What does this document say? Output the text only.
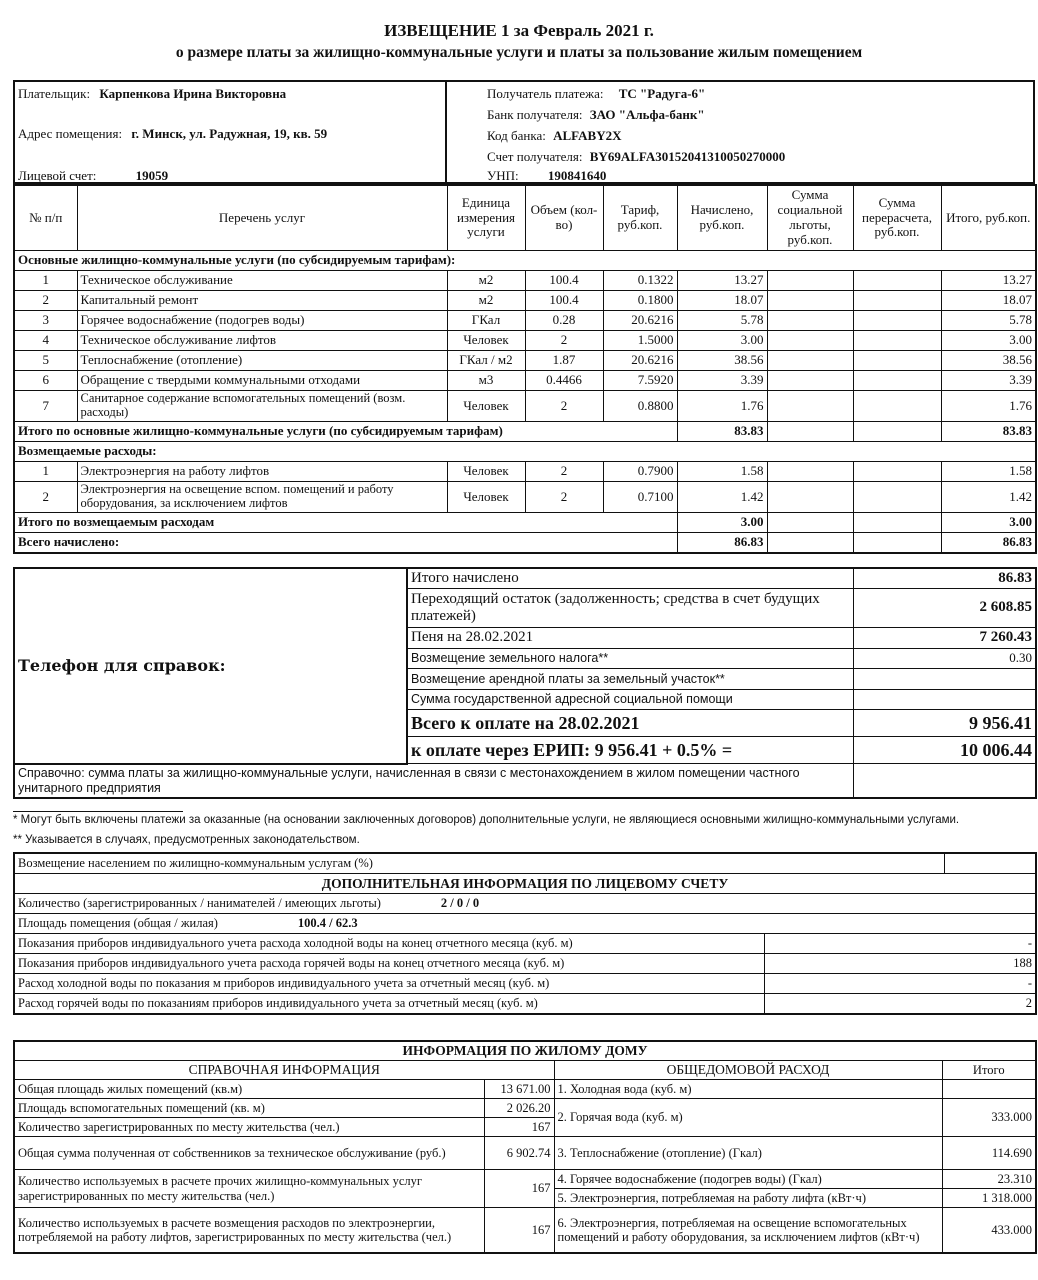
ИЗВЕЩЕНИЕ 1 за Февраль 2021 г.
о размере платы за жилищно-коммунальные услуги и платы за пользование жилым помещением
Плательщик: Карпенкова Ирина Викторовна
Адрес помещения: г. Минск, ул. Радужная, 19, кв. 59
Лицевой счет:	19059
Получатель платежа: ТС "Радуга-6"
Банк получателя: ЗАО "Альфа-банк"
Код банка: ALFABY2X
Счет получателя: BY69ALFA30152041310050270000
УНП: 190841640
№ п/п	Перечень услуг	Единица измерения услуги	Объем (кол-во)	Тариф, руб.коп.	Начислено, руб.коп.	Сумма социальной льготы, руб.коп.	Сумма перерасчета, руб.коп.	Итого, руб.коп.
Основные жилищно-коммунальные услуги (по субсидируемым тарифам):								
1	Техническое обслуживание	м2	100.4	0.1322	13.27			13.27
2	Капитальный ремонт	м2	100.4	0.1800	18.07			18.07
3	Горячее водоснабжение (подогрев воды)	ГКал	0.28	20.6216	5.78			5.78
4	Техническое обслуживание лифтов	Человек	2	1.5000	3.00			3.00
5	Теплоснабжение (отопление)	ГКал / м2	1.87	20.6216	38.56			38.56
6	Обращение с твердыми коммунальными отходами	м3	0.4466	7.5920	3.39			3.39
7	Санитарное содержание вспомогательных помещений (возм. расходы)	Человек	2	0.8800	1.76			1.76
Итого по основные жилищно-коммунальные услуги (по субсидируемым тарифам)					83.83			83.83
Возмещаемые расходы:								
1	Электроэнергия на работу лифтов	Человек	2	0.7900	1.58			1.58
2	Электроэнергия на освещение вспом. помещений и работу оборудования, за исключением лифтов	Человек	2	0.7100	1.42			1.42
Итого по возмещаемым расходам					3.00			3.00
Всего начислено:					86.83			86.83
Телефон для справок:	Итого начислено	86.83
	Переходящий остаток (задолженность; средства в счет будущих платежей)	2 608.85
	Пеня на 28.02.2021	7 260.43
	Возмещение земельного налога**	0.30
	Возмещение арендной платы за земельный участок**	
	Сумма государственной адресной социальной помощи	
	Всего к оплате на 28.02.2021	9 956.41
	к оплате через ЕРИП: 9 956.41 + 0.5% =	10 006.44
Справочно: сумма платы за жилищно-коммунальные услуги, начисленная в связи с местонахождением в жилом помещении частного унитарного предприятия		
* Могут быть включены платежи за оказанные (на основании заключенных договоров) дополнительные услуги, не являющиеся основными жилищно-коммунальными услугами.
** Указывается в случаях, предусмотренных законодательством.
Возмещение населением по жилищно-коммунальным услугам (%)		
ДОПОЛНИТЕЛЬНАЯ ИНФОРМАЦИЯ ПО ЛИЦЕВОМУ СЧЕТУ		
Количество (зарегистрированных / нанимателей / имеющих льготы) 2 / 0 / 0		
Площадь помещения (общая / жилая) 100.4 / 62.3		
Показания приборов индивидуального учета расхода холодной воды на конец отчетного месяца (куб. м)	-	
Показания приборов индивидуального учета расхода горячей воды на конец отчетного месяца (куб. м)	188	
Расход холодной воды по показания м приборов индивидуального учета за отчетный месяц (куб. м)	-	
Расход горячей воды по показаниям приборов индивидуального учета за отчетный месяц (куб. м)	2	
ИНФОРМАЦИЯ ПО ЖИЛОМУ ДОМУ			
СПРАВОЧНАЯ ИНФОРМАЦИЯ		ОБЩЕДОМОВОЙ РАСХОД	Итого
Общая площадь жилых помещений (кв.м)	13 671.00	1. Холодная вода (куб. м)	
Площадь вспомогательных помещений (кв. м)	2 026.20	2. Горячая вода (куб. м)	333.000
Количество зарегистрированных по месту жительства (чел.)	167		
Общая сумма полученная от собственников за техническое обслуживание (руб.)	6 902.74	3. Теплоснабжение (отопление) (Гкал)	114.690
Количество используемых в расчете прочих жилищно-коммунальных услуг зарегистрированных по месту жительства (чел.)	167	4. Горячее водоснабжение (подогрев воды) (Гкал)	23.310
		5. Электроэнергия, потребляемая на работу лифта (кВт·ч)	1 318.000
Количество используемых в расчете возмещения расходов по электроэнергии, потребляемой на работу лифтов, зарегистрированных по месту жительства (чел.)	167	6. Электроэнергия, потребляемая на освещение вспомогательных помещений и работу оборудования, за исключением лифтов (кВт·ч)	433.000
